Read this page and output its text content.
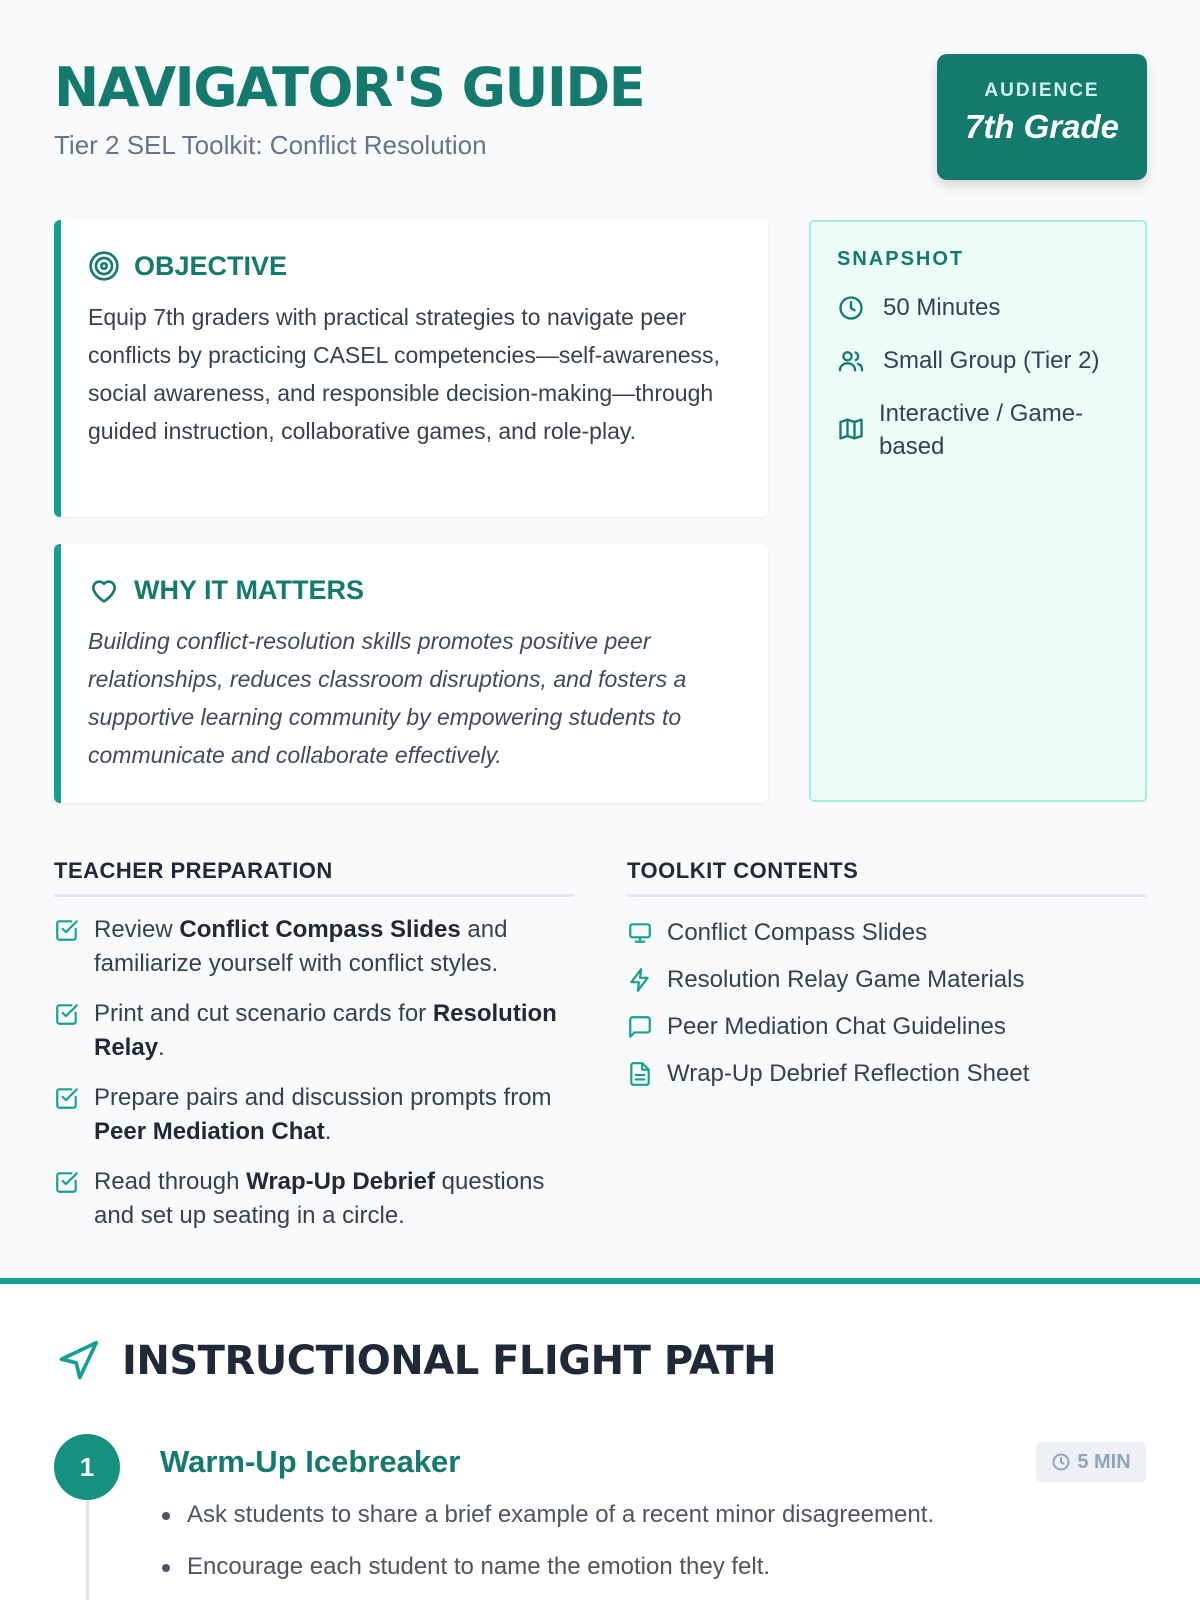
NAVIGATOR'S GUIDE
Tier 2 SEL Toolkit: Conflict Resolution
AUDIENCE
7th Grade
OBJECTIVE

Equip 7th graders with practical strategies to navigate peer conflicts by practicing CASEL competencies—self-awareness, social awareness, and responsible decision-making—through guided instruction, collaborative games, and role-play.

WHY IT MATTERS

Building conflict-resolution skills promotes positive peer relationships, reduces classroom disruptions, and fosters a supportive learning community by empowering students to communicate and collaborate effectively.

SNAPSHOT
50 Minutes
Small Group (Tier 2)
Interactive / Game-based
TEACHER PREPARATION
Review Conflict Compass Slides and familiarize yourself with conflict styles.
Print and cut scenario cards for Resolution Relay.
Prepare pairs and discussion prompts from Peer Mediation Chat.
Read through Wrap-Up Debrief questions and set up seating in a circle.
TOOLKIT CONTENTS
Conflict Compass Slides
Resolution Relay Game Materials
Peer Mediation Chat Guidelines
Wrap-Up Debrief Reflection Sheet
INSTRUCTIONAL FLIGHT PATH
1	Warm-Up Icebreaker	5 MIN
Ask students to share a brief example of a recent minor disagreement.
Encourage each student to name the emotion they felt.
